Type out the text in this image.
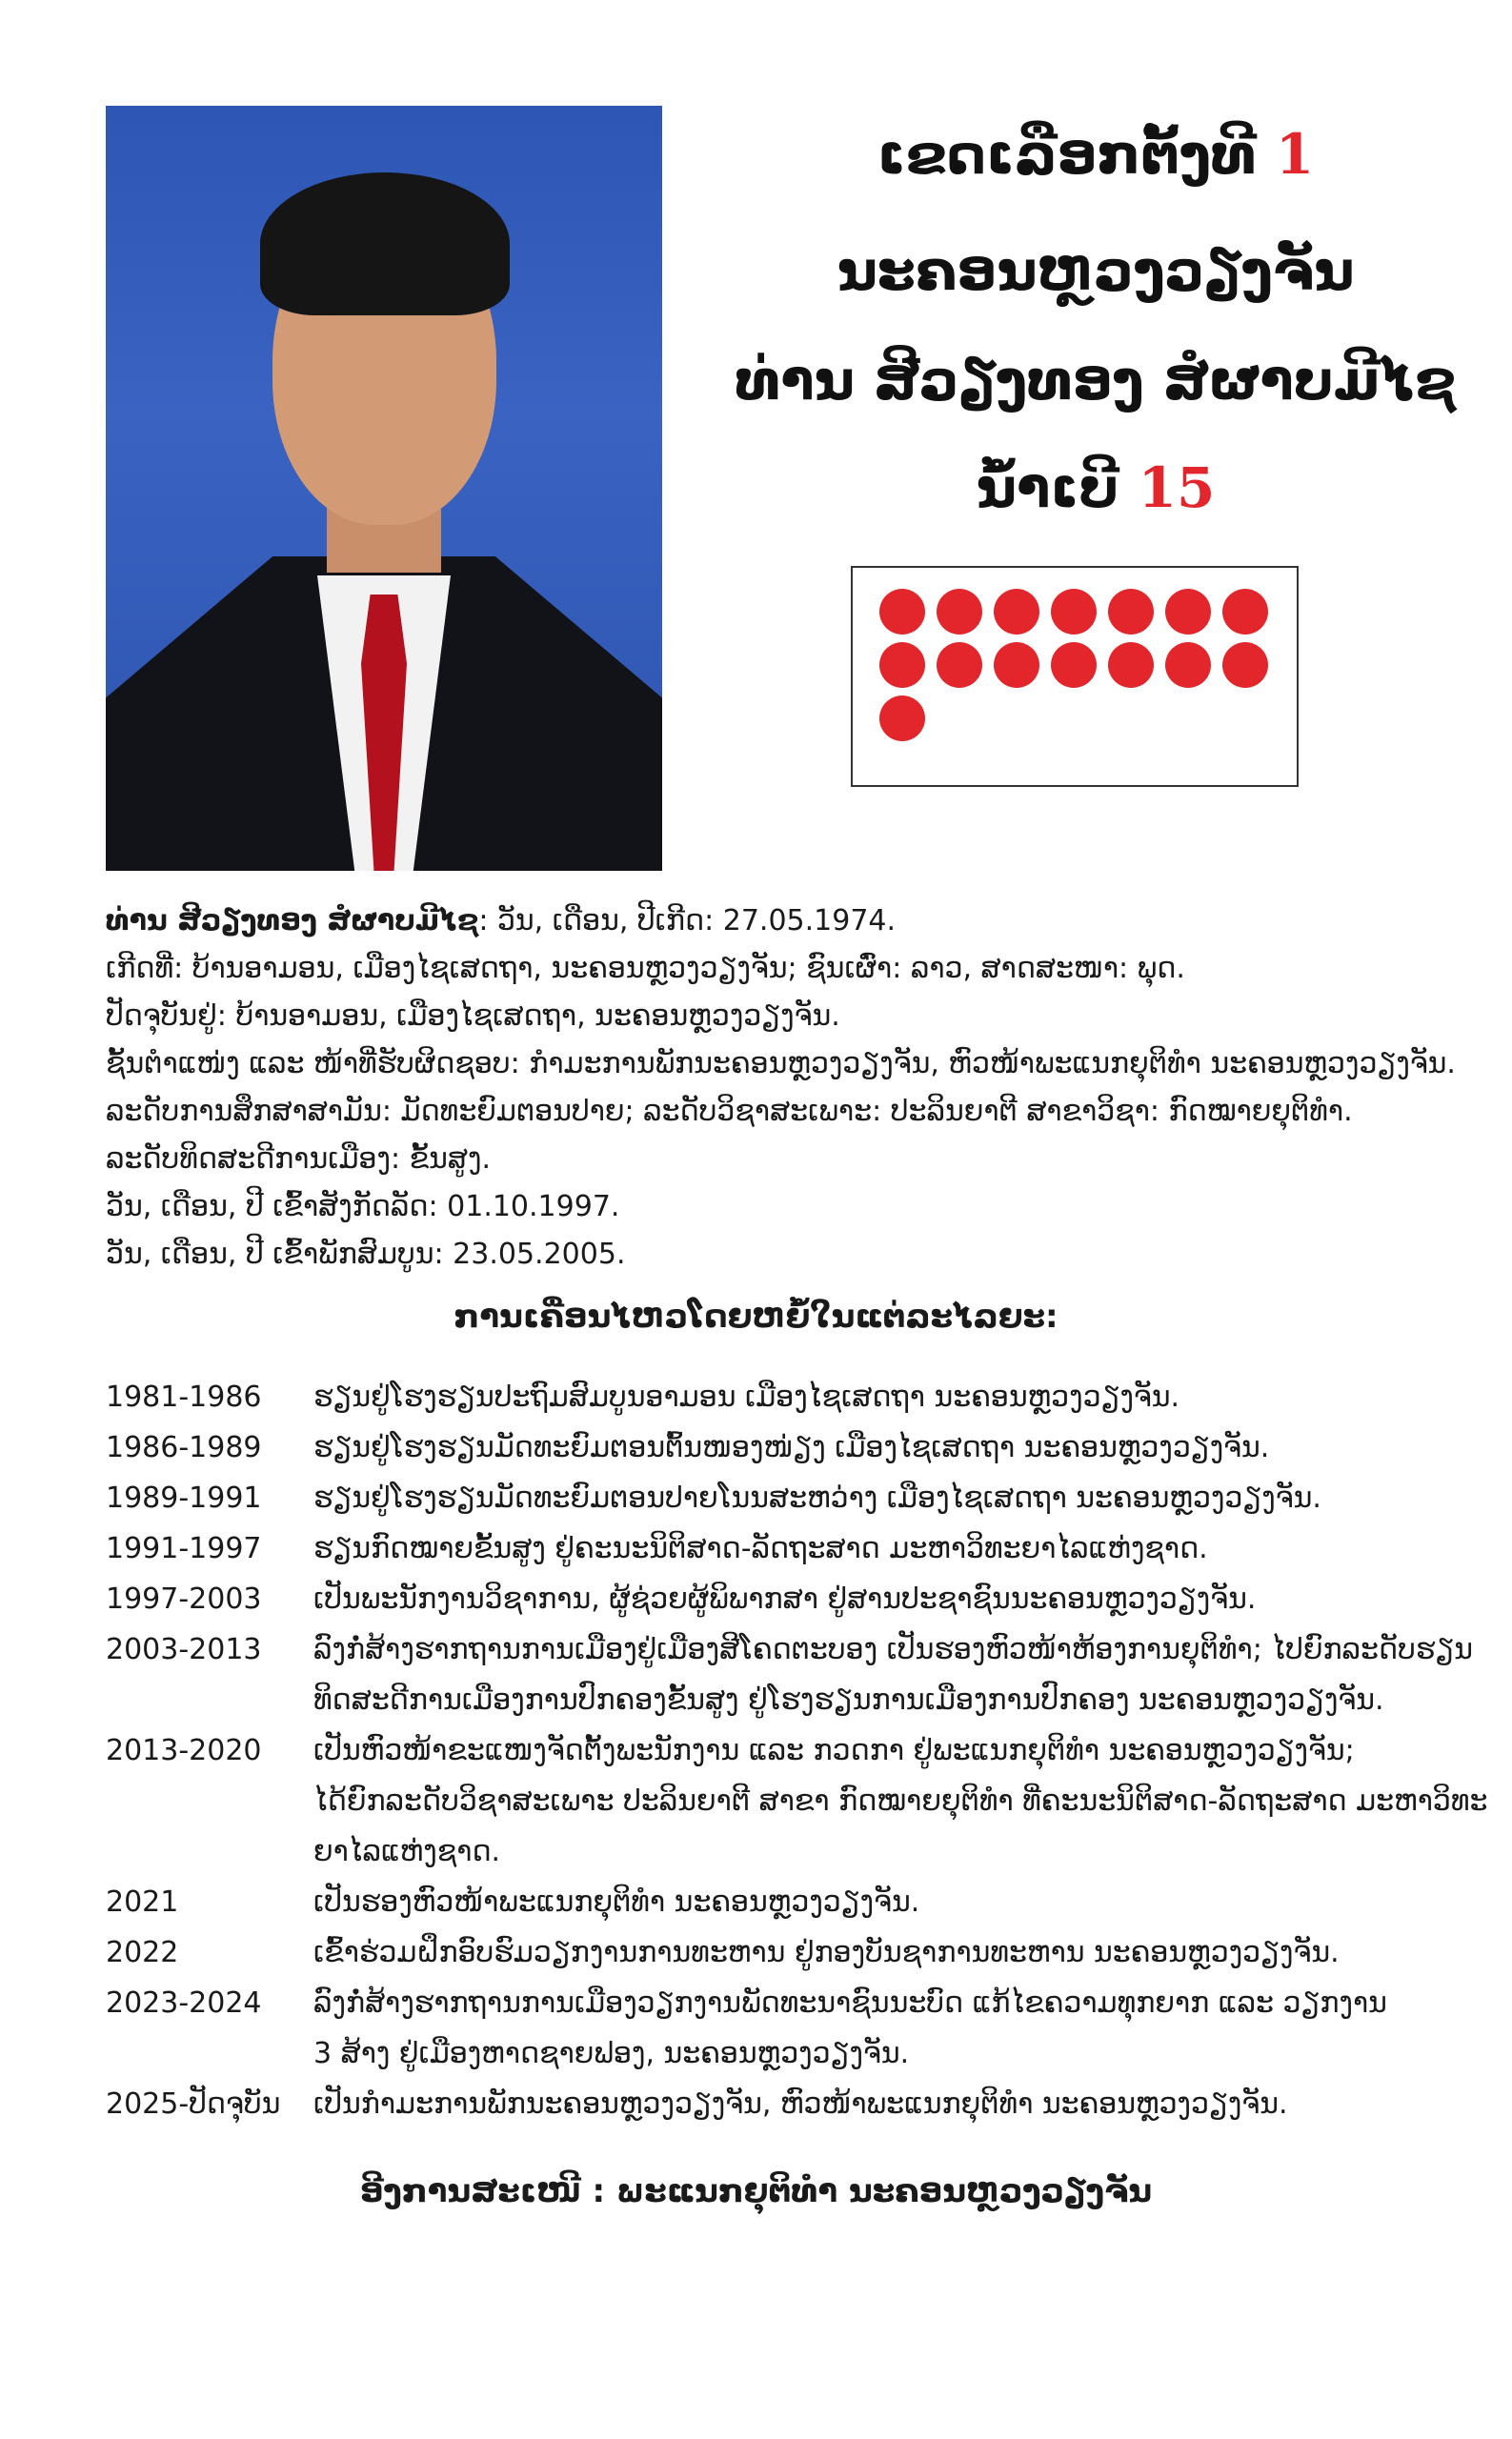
ເຂດເລືອກຕັ້ງທີ 1

ນະຄອນຫຼວງວຽງຈັນ

ທ່ານ ສີວຽງທອງ ສໍຜາບມີໄຊ

ນໍ້າເບີ 15

ທ່ານ ສີວຽງທອງ ສໍຜາບມີໄຊ: ວັນ, ເດືອນ, ປີເກີດ: 27.05.1974.

ເກີດທີ່: ບ້ານອາມອນ, ເມືອງໄຊເສດຖາ, ນະຄອນຫຼວງວຽງຈັນ; ຊົນເຜົ່າ: ລາວ, ສາດສະໜາ: ພຸດ.

ປັດຈຸບັນຢູ່: ບ້ານອາມອນ, ເມືອງໄຊເສດຖາ, ນະຄອນຫຼວງວຽງຈັນ.

ຊັ້ນຕຳແໜ່ງ ແລະ ໜ້າທີ່ຮັບຜິດຊອບ: ກຳມະການພັກນະຄອນຫຼວງວຽງຈັນ, ຫົວໜ້າພະແນກຍຸຕິທຳ ນະຄອນຫຼວງວຽງຈັນ.

ລະດັບການສຶກສາສາມັນ: ມັດທະຍົມຕອນປາຍ; ລະດັບວິຊາສະເພາະ: ປະລິນຍາຕີ ສາຂາວິຊາ: ກົດໝາຍຍຸຕິທຳ.

ລະດັບທິດສະດີການເມືອງ: ຂັ້ນສູງ.

ວັນ, ເດືອນ, ປີ ເຂົ້າສັງກັດລັດ: 01.10.1997.

ວັນ, ເດືອນ, ປີ ເຂົ້າພັກສົມບູນ: 23.05.2005.

ການເຄື່ອນໄຫວໂດຍຫຍໍ້ໃນແຕ່ລະໄລຍະ:

1981-1986	ຮຽນຢູ່ໂຮງຮຽນປະຖົມສົມບູນອາມອນ ເມືອງໄຊເສດຖາ ນະຄອນຫຼວງວຽງຈັນ.
1986-1989	ຮຽນຢູ່ໂຮງຮຽນມັດທະຍົມຕອນຕົ້ນໜອງໜ່ຽງ ເມືອງໄຊເສດຖາ ນະຄອນຫຼວງວຽງຈັນ.
1989-1991	ຮຽນຢູ່ໂຮງຮຽນມັດທະຍົມຕອນປາຍໂນນສະຫວ່າງ ເມືອງໄຊເສດຖາ ນະຄອນຫຼວງວຽງຈັນ.
1991-1997	ຮຽນກົດໝາຍຂັ້ນສູງ ຢູ່ຄະນະນິຕິສາດ-ລັດຖະສາດ ມະຫາວິທະຍາໄລແຫ່ງຊາດ.
1997-2003	ເປັນພະນັກງານວິຊາການ, ຜູ້ຊ່ວຍຜູ້ພິພາກສາ ຢູ່ສານປະຊາຊົນນະຄອນຫຼວງວຽງຈັນ.
2003-2013	ລົງກໍ່ສ້າງຮາກຖານການເມືອງຢູ່ເມືອງສີໂຄດຕະບອງ ເປັນຮອງຫົວໜ້າຫ້ອງການຍຸຕິທຳ; ໄປຍົກລະດັບຮຽນ
ທິດສະດີການເມືອງການປົກຄອງຂັ້ນສູງ ຢູ່ໂຮງຮຽນການເມືອງການປົກຄອງ ນະຄອນຫຼວງວຽງຈັນ.
2013-2020	ເປັນຫົວໜ້າຂະແໜງຈັດຕັ້ງພະນັກງານ ແລະ ກວດກາ ຢູ່ພະແນກຍຸຕິທຳ ນະຄອນຫຼວງວຽງຈັນ;
ໄດ້ຍົກລະດັບວິຊາສະເພາະ ປະລິນຍາຕີ ສາຂາ ກົດໝາຍຍຸຕິທຳ ທີ່ຄະນະນິຕິສາດ-ລັດຖະສາດ ມະຫາວິທະ
ຍາໄລແຫ່ງຊາດ.
2021	ເປັນຮອງຫົວໜ້າພະແນກຍຸຕິທຳ ນະຄອນຫຼວງວຽງຈັນ.
2022	ເຂົ້າຮ່ວມຝຶກອົບຮົມວຽກງານການທະຫານ ຢູ່ກອງບັນຊາການທະຫານ ນະຄອນຫຼວງວຽງຈັນ.
2023-2024	ລົງກໍ່ສ້າງຮາກຖານການເມືອງວຽກງານພັດທະນາຊົນນະບົດ ແກ້ໄຂຄວາມທຸກຍາກ ແລະ ວຽກງານ
3 ສ້າງ ຢູ່ເມືອງຫາດຊາຍຟອງ, ນະຄອນຫຼວງວຽງຈັນ.
2025-ປັດຈຸບັນ	ເປັນກຳມະການພັກນະຄອນຫຼວງວຽງຈັນ, ຫົວໜ້າພະແນກຍຸຕິທຳ ນະຄອນຫຼວງວຽງຈັນ.

ອີງການສະເໜີ : ພະແນກຍຸຕິທຳ ນະຄອນຫຼວງວຽງຈັນ
